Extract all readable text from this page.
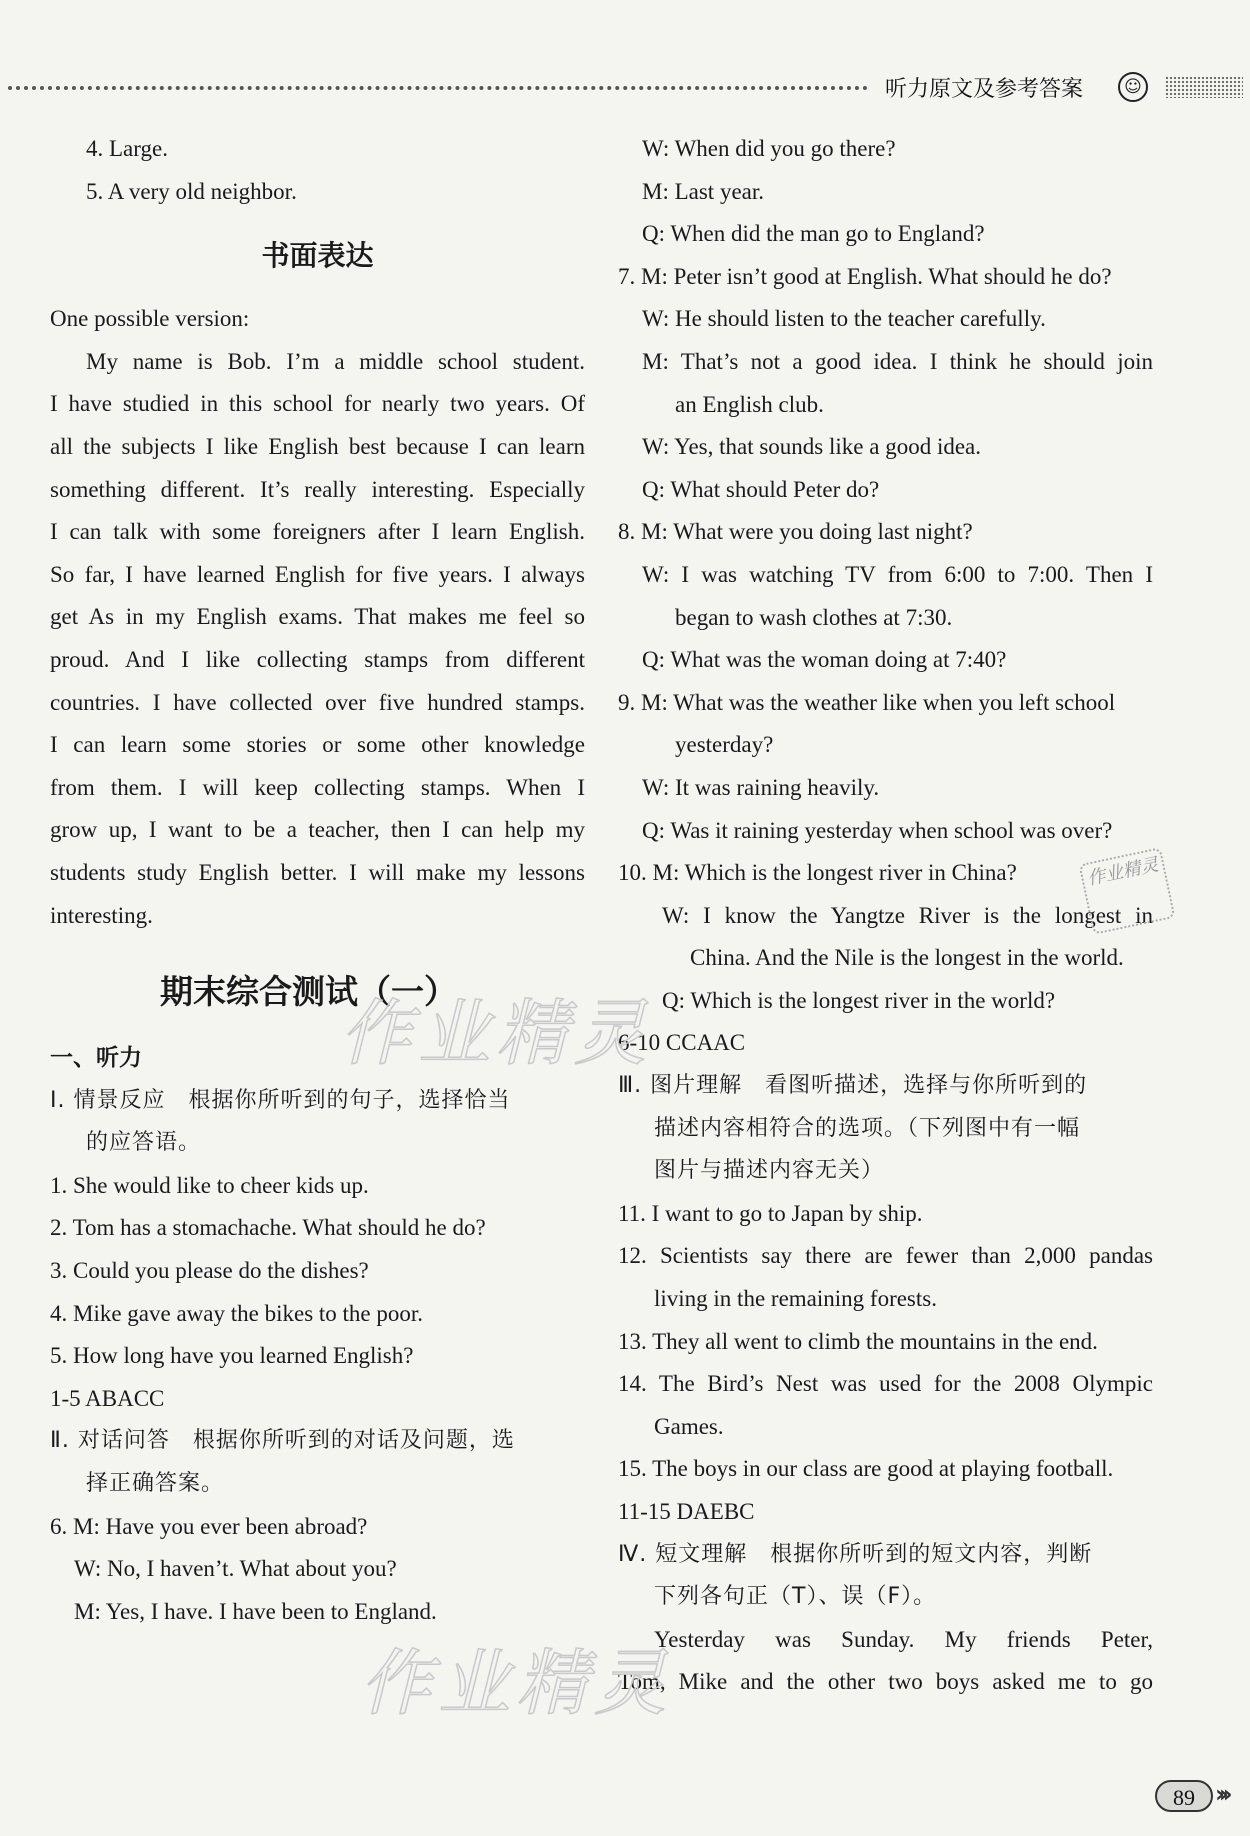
听力原文及参考答案	☺
4. Large.
5. A very old neighbor.
书面表达
One possible version:
My name is Bob. I’m a middle school student.
I have studied in this school for nearly two years. Of
all the subjects I like English best because I can learn
something different. It’s really interesting. Especially
I can talk with some foreigners after I learn English.
So far, I have learned English for five years. I always
get As in my English exams. That makes me feel so
proud. And I like collecting stamps from different
countries. I have collected over five hundred stamps.
I can learn some stories or some other knowledge
from them. I will keep collecting stamps. When I
grow up, I want to be a teacher, then I can help my
students study English better. I will make my lessons
interesting.
期末综合测试（一）
一、听力
Ⅰ. 情景反应　根据你所听到的句子，选择恰当
的应答语。
1. She would like to cheer kids up.
2. Tom has a stomachache. What should he do?
3. Could you please do the dishes?
4. Mike gave away the bikes to the poor.
5. How long have you learned English?
1-5 ABACC
Ⅱ. 对话问答　根据你所听到的对话及问题，选
择正确答案。
6. M: Have you ever been abroad?
W: No, I haven’t. What about you?
M: Yes, I have. I have been to England.
W: When did you go there?
M: Last year.
Q: When did the man go to England?
7. M: Peter isn’t good at English. What should he do?
W: He should listen to the teacher carefully.
M: That’s not a good idea. I think he should join
an English club.
W: Yes, that sounds like a good idea.
Q: What should Peter do?
8. M: What were you doing last night?
W: I was watching TV from 6:00 to 7:00. Then I
began to wash clothes at 7:30.
Q: What was the woman doing at 7:40?
9. M: What was the weather like when you left school
yesterday?
W: It was raining heavily.
Q: Was it raining yesterday when school was over?
10. M: Which is the longest river in China?
W: I know the Yangtze River is the longest in
China. And the Nile is the longest in the world.
Q: Which is the longest river in the world?
6-10 CCAAC
Ⅲ. 图片理解　看图听描述，选择与你所听到的
描述内容相符合的选项。（下列图中有一幅
图片与描述内容无关）
11. I want to go to Japan by ship.
12. Scientists say there are fewer than 2,000 pandas
living in the remaining forests.
13. They all went to climb the mountains in the end.
14. The Bird’s Nest was used for the 2008 Olympic
Games.
15. The boys in our class are good at playing football.
11-15 DAEBC
Ⅳ. 短文理解　根据你所听到的短文内容，判断
下列各句正（T）、误（F）。
Yesterday was Sunday. My friends Peter,
Tom, Mike and the other two boys asked me to go
作业精灵
作业精灵
作业精灵
89 ›››
